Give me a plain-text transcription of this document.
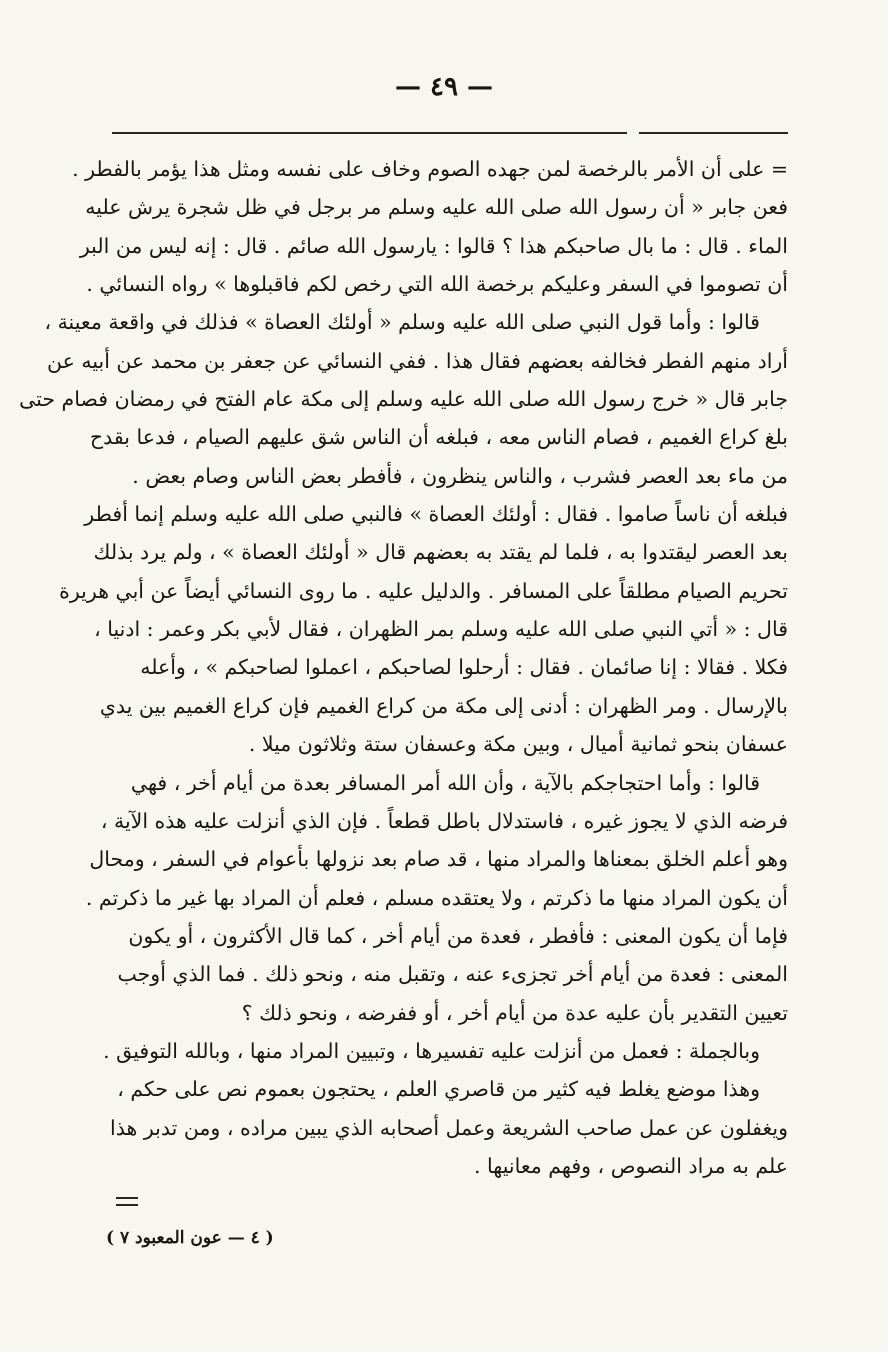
— ٤٩ —
= على أن الأمر بالرخصة لمن جهده الصوم وخاف على نفسه ومثل هذا يؤمر بالفطر .
فعن جابر « أن رسول الله صلى الله عليه وسلم مر برجل في ظل شجرة يرش عليه
الماء . قال : ما بال صاحبكم هذا ؟ قالوا : يارسول الله صائم . قال : إنه ليس من البر
أن تصوموا في السفر وعليكم برخصة الله التي رخص لكم فاقبلوها » رواه النسائي .
قالوا : وأما قول النبي صلى الله عليه وسلم « أولئك العصاة » فذلك في واقعة معينة ،
أراد منهم الفطر فخالفه بعضهم فقال هذا . ففي النسائي عن جعفر بن محمد عن أبيه عن
جابر قال « خرج رسول الله صلى الله عليه وسلم إلى مكة عام الفتح في رمضان فصام حتى
بلغ كراع الغميم ، فصام الناس معه ، فبلغه أن الناس شق عليهم الصيام ، فدعا بقدح
من ماء بعد العصر فشرب ، والناس ينظرون ، فأفطر بعض الناس وصام بعض .
فبلغه أن ناساً صاموا . فقال : أولئك العصاة » فالنبي صلى الله عليه وسلم إنما أفطر
بعد العصر ليقتدوا به ، فلما لم يقتد به بعضهم قال « أولئك العصاة » ، ولم يرد بذلك
تحريم الصيام مطلقاً على المسافر . والدليل عليه . ما روى النسائي أيضاً عن أبي هريرة
قال : « أتي النبي صلى الله عليه وسلم بمر الظهران ، فقال لأبي بكر وعمر : ادنيا ،
فكلا . فقالا : إنا صائمان . فقال : أرحلوا لصاحبكم ، اعملوا لصاحبكم » ، وأعله
بالإرسال . ومر الظهران : أدنى إلى مكة من كراع الغميم فإن كراع الغميم بين يدي
عسفان بنحو ثمانية أميال ، وبين مكة وعسفان ستة وثلاثون ميلا .
قالوا : وأما احتجاجكم بالآية ، وأن الله أمر المسافر بعدة من أيام أخر ، فهي
فرضه الذي لا يجوز غيره ، فاستدلال باطل قطعاً . فإن الذي أنزلت عليه هذه الآية ،
وهو أعلم الخلق بمعناها والمراد منها ، قد صام بعد نزولها بأعوام في السفر ، ومحال
أن يكون المراد منها ما ذكرتم ، ولا يعتقده مسلم ، فعلم أن المراد بها غير ما ذكرتم .
فإما أن يكون المعنى : فأفطر ، فعدة من أيام أخر ، كما قال الأكثرون ، أو يكون
المعنى : فعدة من أيام أخر تجزىء عنه ، وتقبل منه ، ونحو ذلك . فما الذي أوجب
تعيين التقدير بأن عليه عدة من أيام أخر ، أو ففرضه ، ونحو ذلك ؟
وبالجملة : فعمل من أنزلت عليه تفسيرها ، وتبيين المراد منها ، وبالله التوفيق .
وهذا موضع يغلط فيه كثير من قاصري العلم ، يحتجون بعموم نص على حكم ،
ويغفلون عن عمل صاحب الشريعة وعمل أصحابه الذي يبين مراده ، ومن تدبر هذا
علم به مراد النصوص ، وفهم معانيها .
( ٤ — عون المعبود ٧ )
